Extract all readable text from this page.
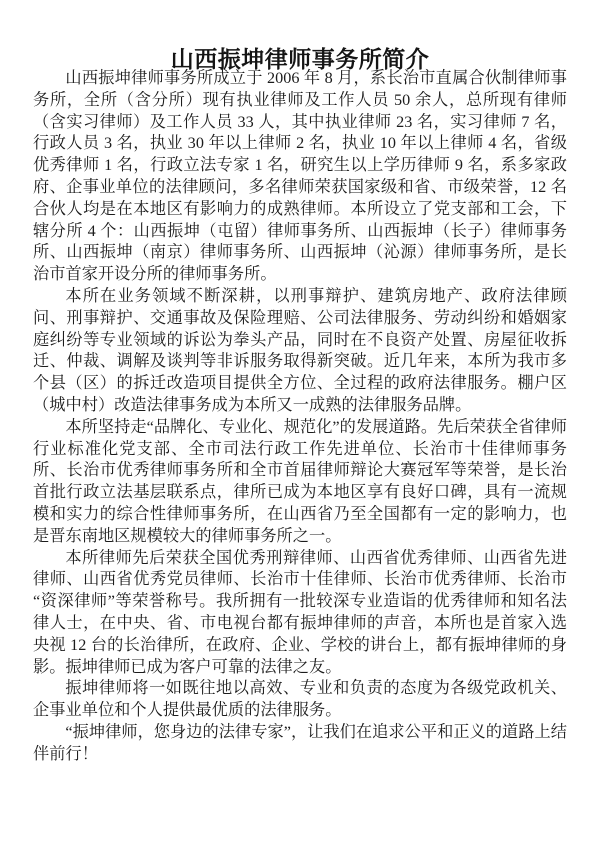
山西振坤律师事务所简介

山西振坤律师事务所成立于 2006 年 8 月，系长治市直属合伙制律师事务所，全所（含分所）现有执业律师及工作人员 50 余人，总所现有律师（含实习律师）及工作人员 33 人，其中执业律师 23 名，实习律师 7 名，行政人员 3 名，执业 30 年以上律师 2 名，执业 10 年以上律师 4 名，省级优秀律师 1 名，行政立法专家 1 名，研究生以上学历律师 9 名，系多家政府、企事业单位的法律顾问，多名律师荣获国家级和省、市级荣誉，12 名合伙人均是在本地区有影响力的成熟律师。本所设立了党支部和工会，下辖分所 4 个：山西振坤（屯留）律师事务所、山西振坤（长子）律师事务所、山西振坤（南京）律师事务所、山西振坤（沁源）律师事务所，是长治市首家开设分所的律师事务所。

本所在业务领域不断深耕，以刑事辩护、建筑房地产、政府法律顾问、刑事辩护、交通事故及保险理赔、公司法律服务、劳动纠纷和婚姻家庭纠纷等专业领域的诉讼为拳头产品，同时在不良资产处置、房屋征收拆迁、仲裁、调解及谈判等非诉服务取得新突破。近几年来，本所为我市多个县（区）的拆迁改造项目提供全方位、全过程的政府法律服务。棚户区（城中村）改造法律事务成为本所又一成熟的法律服务品牌。

本所坚持走“品牌化、专业化、规范化”的发展道路。先后荣获全省律师行业标准化党支部、全市司法行政工作先进单位、长治市十佳律师事务所、长治市优秀律师事务所和全市首届律师辩论大赛冠军等荣誉，是长治首批行政立法基层联系点，律所已成为本地区享有良好口碑，具有一流规模和实力的综合性律师事务所，在山西省乃至全国都有一定的影响力，也是晋东南地区规模较大的律师事务所之一。

本所律师先后荣获全国优秀刑辩律师、山西省优秀律师、山西省先进律师、山西省优秀党员律师、长治市十佳律师、长治市优秀律师、长治市“资深律师”等荣誉称号。我所拥有一批较深专业造诣的优秀律师和知名法律人士，在中央、省、市电视台都有振坤律师的声音，本所也是首家入选央视 12 台的长治律所，在政府、企业、学校的讲台上，都有振坤律师的身影。振坤律师已成为客户可靠的法律之友。

振坤律师将一如既往地以高效、专业和负责的态度为各级党政机关、企事业单位和个人提供最优质的法律服务。

“振坤律师，您身边的法律专家”，让我们在追求公平和正义的道路上结伴前行！
